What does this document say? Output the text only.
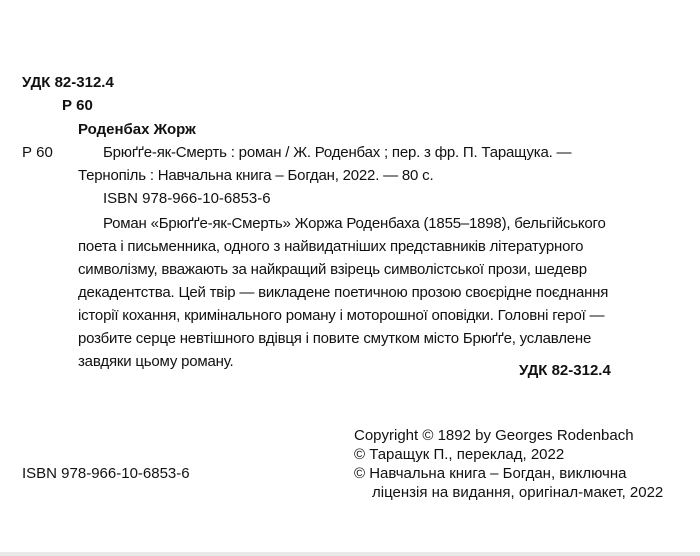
УДК 82-312.4
Р 60
Роденбах Жорж
Р 60	Брюґґе-як-Смерть : роман / Ж. Роденбах ; пер. з фр. П. Таращука. —
Тернопіль : Навчальна книга – Богдан, 2022. — 80 с.
ISBN 978-966-10-6853-6
Роман «Брюґґе-як-Смерть» Жоржа Роденбаха (1855–1898), бельгійського
поета і письменника, одного з найвидатніших представників літературного
символізму, вважають за найкращий взірець символістської прози, шедевр
декадентства. Цей твір — викладене поетичною прозою своєрідне поєднання
історії кохання, кримінального роману і моторошної оповідки. Головні герої —
розбите серце невтішного вдівця і повите смутком місто Брюґґе, уславлене
завдяки цьому роману.
УДК 82-312.4
ISBN 978-966-10-6853-6
Copyright © 1892 by Georges Rodenbach
© Таращук П., переклад, 2022
© Навчальна книга – Богдан, виключна
ліцензія на видання, оригінал-макет, 2022
